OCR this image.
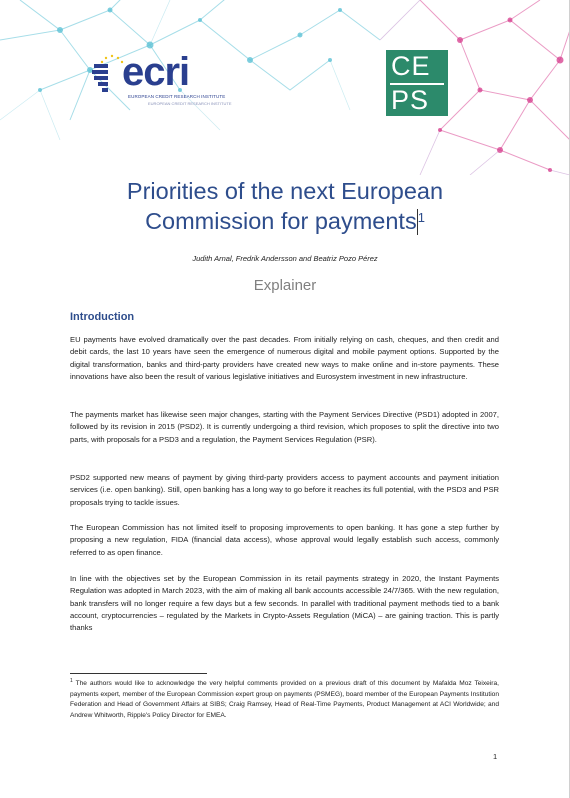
ecri
EUROPEAN CREDIT RESEARCH INSTITUTE
EUROPEAN CREDIT RESEARCH INSTITUTE
CE
PS
Priorities of the next European
Commission for payments$^1$
Judith Arnal, Fredrik Andersson and Beatriz Pozo Pérez
Explainer
Introduction

EU payments have evolved dramatically over the past decades. From initially relying on cash, cheques, and then credit and debit cards, the last 10 years have seen the emergence of numerous digital and mobile payment options. Supported by the digital transformation, banks and third-party providers have created new ways to make online and in-store payments. These innovations have also been the result of various legislative initiatives and Eurosystem investment in new infrastructure.

The payments market has likewise seen major changes, starting with the Payment Services Directive (PSD1) adopted in 2007, followed by its revision in 2015 (PSD2). It is currently undergoing a third revision, which proposes to split the directive into two parts, with proposals for a PSD3 and a regulation, the Payment Services Regulation (PSR).

PSD2 supported new means of payment by giving third-party providers access to payment accounts and payment initiation services (i.e. open banking). Still, open banking has a long way to go before it reaches its full potential, with the PSD3 and PSR proposals trying to tackle issues.

The European Commission has not limited itself to proposing improvements to open banking. It has gone a step further by proposing a new regulation, FIDA (financial data access), whose approval would legally establish such access, commonly referred to as open finance.

In line with the objectives set by the European Commission in its retail payments strategy in 2020, the Instant Payments Regulation was adopted in March 2023, with the aim of making all bank accounts accessible 24/7/365. With the new regulation, bank transfers will no longer require a few days but a few seconds. In parallel with traditional payment methods tied to a bank account, cryptocurrencies – regulated by the Markets in Crypto-Assets Regulation (MiCA) – are gaining traction. This is partly thanks

$^1$ The authors would like to acknowledge the very helpful comments provided on a previous draft of this document by Mafalda Moz Teixeira, payments expert, member of the European Commission expert group on payments (PSMEG), board member of the European Payments Institution Federation and Head of Government Affairs at SIBS; Craig Ramsey, Head of Real-Time Payments, Product Management at ACI Worldwide; and Andrew Whitworth, Ripple's Policy Director for EMEA.

1
